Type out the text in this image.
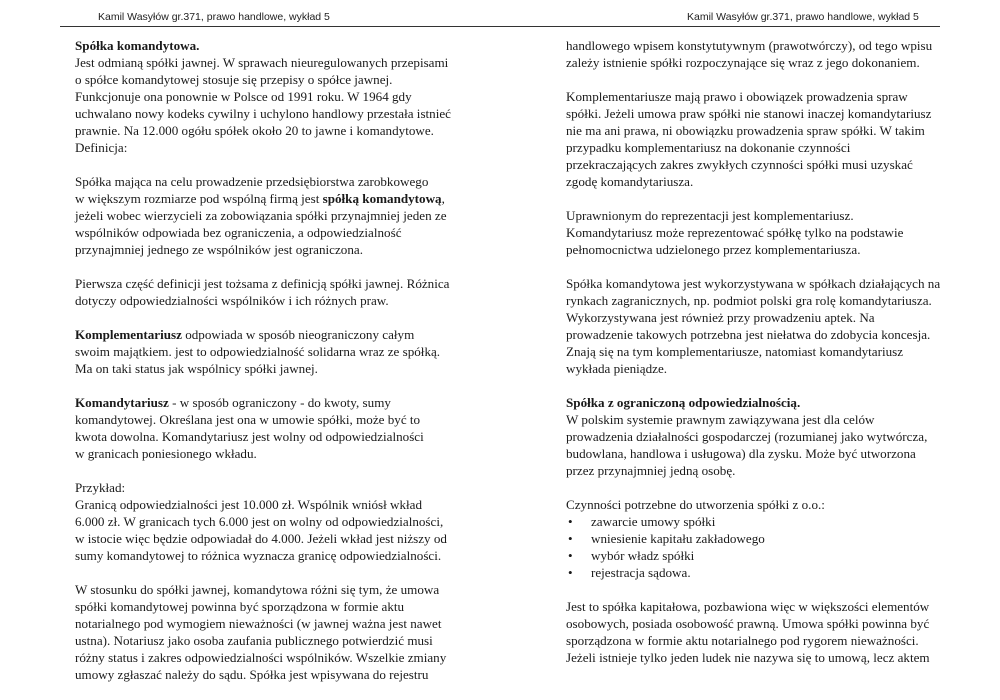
Kamil Wasyłów gr.371, prawo handlowe, wykład 5
Spółka komandytowa.
Jest odmianą spółki jawnej. W sprawach nieuregulowanych przepisami
o spółce komandytowej stosuje się przepisy o spółce jawnej.
Funkcjonuje ona ponownie w Polsce od 1991 roku. W 1964 gdy
uchwalano nowy kodeks cywilny i uchylono handlowy przestała istnieć
prawnie. Na 12.000 ogółu spółek około 20 to jawne i komandytowe.
Definicja:
Spółka mająca na celu prowadzenie przedsiębiorstwa zarobkowego
w większym rozmiarze pod wspólną firmą jest spółką komandytową,
jeżeli wobec wierzycieli za zobowiązania spółki przynajmniej jeden ze
wspólników odpowiada bez ograniczenia, a odpowiedzialność
przynajmniej jednego ze wspólników jest ograniczona.
Pierwsza część definicji jest tożsama z definicją spółki jawnej. Różnica
dotyczy odpowiedzialności wspólników i ich różnych praw.
Komplementariusz odpowiada w sposób nieograniczony całym
swoim majątkiem. jest to odpowiedzialność solidarna wraz ze spółką.
Ma on taki status jak wspólnicy spółki jawnej.
Komandytariusz - w sposób ograniczony - do kwoty, sumy
komandytowej. Określana jest ona w umowie spółki, może być to
kwota dowolna. Komandytariusz jest wolny od odpowiedzialności
w granicach poniesionego wkładu.
Przykład:
Granicą odpowiedzialności jest 10.000 zł. Wspólnik wniósł wkład
6.000 zł. W granicach tych 6.000 jest on wolny od odpowiedzialności,
w istocie więc będzie odpowiadał do 4.000. Jeżeli wkład jest niższy od
sumy komandytowej to różnica wyznacza granicę odpowiedzialności.
W stosunku do spółki jawnej, komandytowa różni się tym, że umowa
spółki komandytowej powinna być sporządzona w formie aktu
notarialnego pod wymogiem nieważności (w jawnej ważna jest nawet
ustna). Notariusz jako osoba zaufania publicznego potwierdzić musi
różny status i zakres odpowiedzialności wspólników. Wszelkie zmiany
umowy zgłaszać należy do sądu. Spółka jest wpisywana do rejestru
Kamil Wasyłów gr.371, prawo handlowe, wykład 5
handlowego wpisem konstytutywnym (prawotwórczy), od tego wpisu
zależy istnienie spółki rozpoczynające się wraz z jego dokonaniem.
Komplementariusze mają prawo i obowiązek prowadzenia spraw
spółki. Jeżeli umowa praw spółki nie stanowi inaczej komandytariusz
nie ma ani prawa, ni obowiązku prowadzenia spraw spółki. W takim
przypadku komplementariusz na dokonanie czynności
przekraczających zakres zwykłych czynności spółki musi uzyskać
zgodę komandytariusza.
Uprawnionym do reprezentacji jest komplementariusz.
Komandytariusz może reprezentować spółkę tylko na podstawie
pełnomocnictwa udzielonego przez komplementariusza.
Spółka komandytowa jest wykorzystywana w spółkach działających na
rynkach zagranicznych, np. podmiot polski gra rolę komandytariusza.
Wykorzystywana jest również przy prowadzeniu aptek. Na
prowadzenie takowych potrzebna jest niełatwa do zdobycia koncesja.
Znają się na tym komplementariusze, natomiast komandytariusz
wykłada pieniądze.
Spółka z ograniczoną odpowiedzialnością.
W polskim systemie prawnym zawiązywana jest dla celów
prowadzenia działalności gospodarczej (rozumianej jako wytwórcza,
budowlana, handlowa i usługowa) dla zysku. Może być utworzona
przez przynajmniej jedną osobę.
Czynności potrzebne do utworzenia spółki z o.o.:
• zawarcie umowy spółki
• wniesienie kapitału zakładowego
• wybór władz spółki
• rejestracja sądowa.
Jest to spółka kapitałowa, pozbawiona więc w większości elementów
osobowych, posiada osobowość prawną. Umowa spółki powinna być
sporządzona w formie aktu notarialnego pod rygorem nieważności.
Jeżeli istnieje tylko jeden ludek nie nazywa się to umową, lecz aktem
